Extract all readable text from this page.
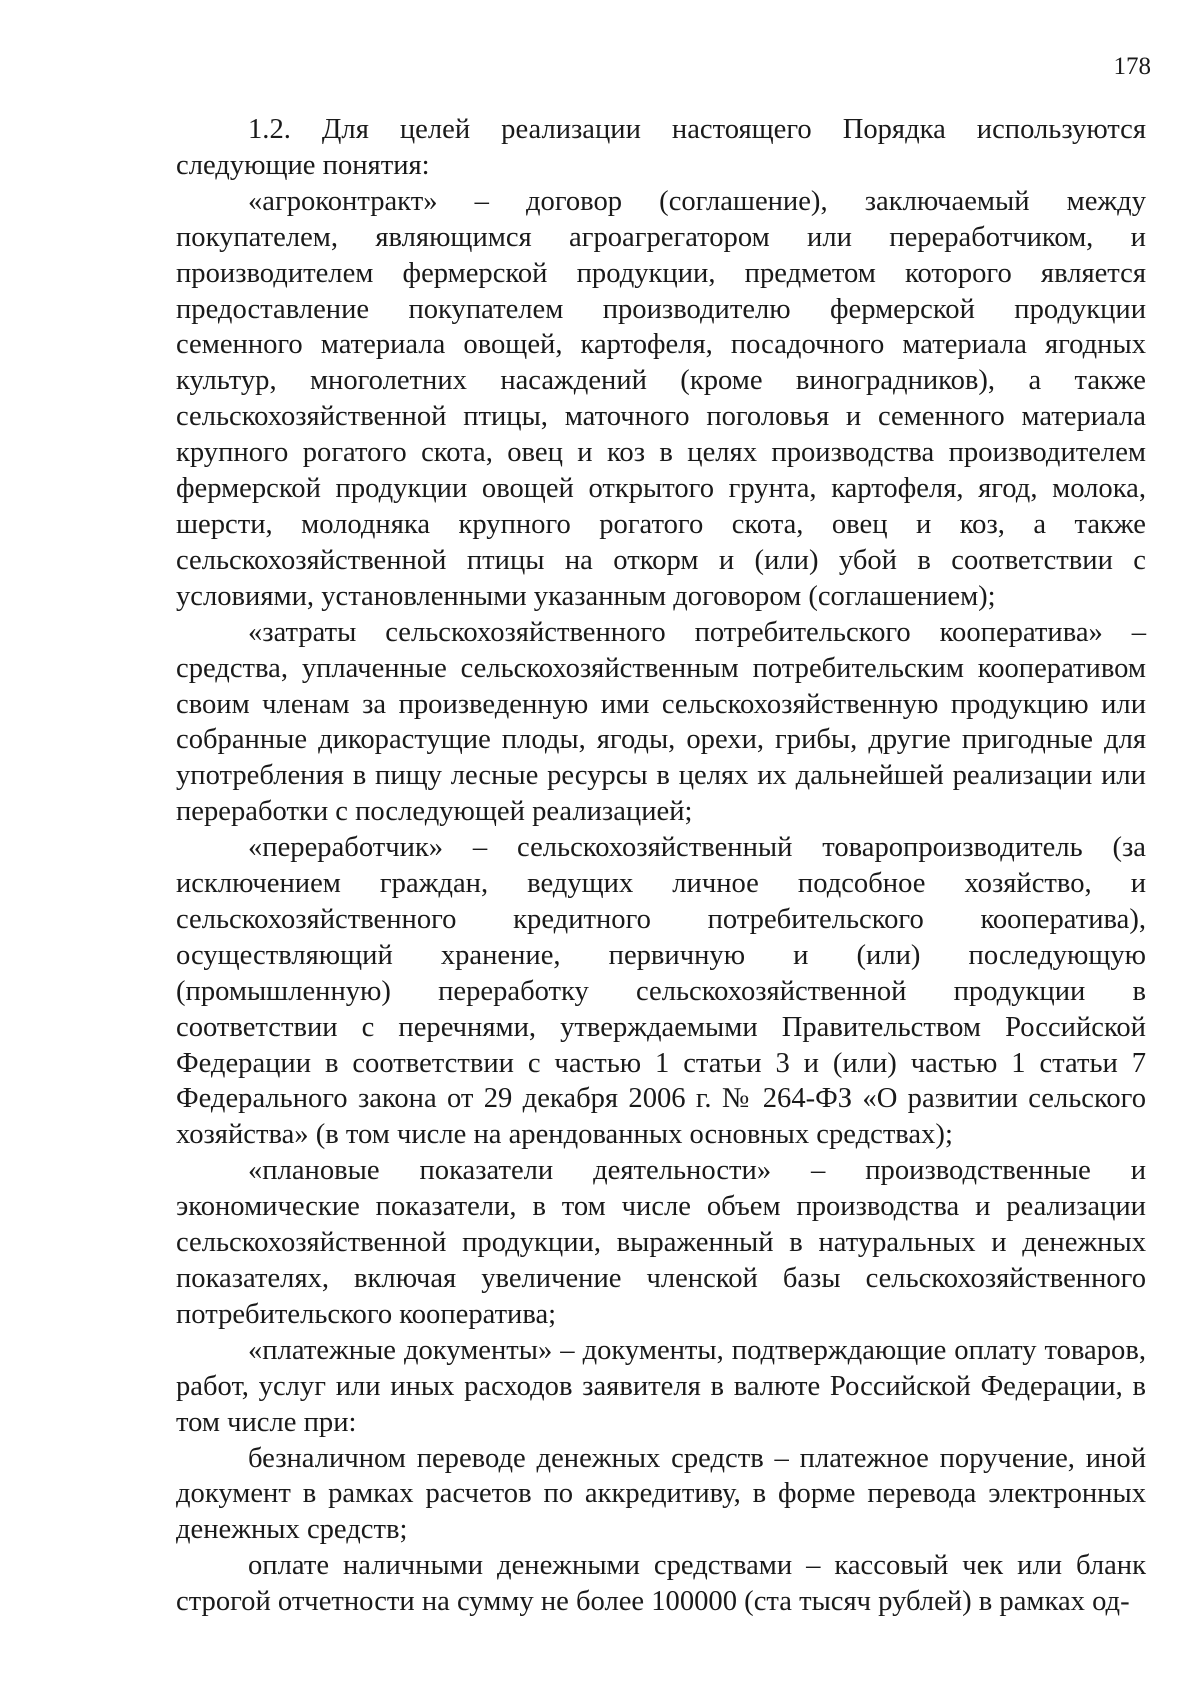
178

1.2. Для целей реализации настоящего Порядка используются следующие понятия:

«агроконтракт» – договор (соглашение), заключаемый между покупателем, являющимся агроагрегатором или переработчиком, и производителем фермерской продукции, предметом которого является предоставление покупателем производителю фермерской продукции семенного материала овощей, картофеля, посадочного материала ягодных культур, многолетних насаждений (кроме виноградников), а также сельскохозяйственной птицы, маточного поголовья и семенного материала крупного рогатого скота, овец и коз в целях производства производителем фермерской продукции овощей открытого грунта, картофеля, ягод, молока, шерсти, молодняка крупного рогатого скота, овец и коз, а также сельскохозяйственной птицы на откорм и (или) убой в соответствии с условиями, установленными указанным договором (соглашением);

«затраты сельскохозяйственного потребительского кооператива» – средства, уплаченные сельскохозяйственным потребительским кооперативом своим членам за произведенную ими сельскохозяйственную продукцию или собранные дикорастущие плоды, ягоды, орехи, грибы, другие пригодные для употребления в пищу лесные ресурсы в целях их дальнейшей реализации или переработки с последующей реализацией;

«переработчик» – сельскохозяйственный товаропроизводитель (за исключением граждан, ведущих личное подсобное хозяйство, и сельскохозяйственного кредитного потребительского кооператива), осуществляющий хранение, первичную и (или) последующую (промышленную) переработку сельскохозяйственной продукции в соответствии с перечнями, утверждаемыми Правительством Российской Федерации в соответствии с частью 1 статьи 3 и (или) частью 1 статьи 7 Федерального закона от 29 декабря 2006 г. № 264-ФЗ «О развитии сельского хозяйства» (в том числе на арендованных основных средствах);

«плановые показатели деятельности» – производственные и экономические показатели, в том числе объем производства и реализации сельскохозяйственной продукции, выраженный в натуральных и денежных показателях, включая увеличение членской базы сельскохозяйственного потребительского кооператива;

«платежные документы» – документы, подтверждающие оплату товаров, работ, услуг или иных расходов заявителя в валюте Российской Федерации, в том числе при:

безналичном переводе денежных средств – платежное поручение, иной документ в рамках расчетов по аккредитиву, в форме перевода электронных денежных средств;

оплате наличными денежными средствами – кассовый чек или бланк строгой отчетности на сумму не более 100000 (ста тысяч рублей) в рамках од-
